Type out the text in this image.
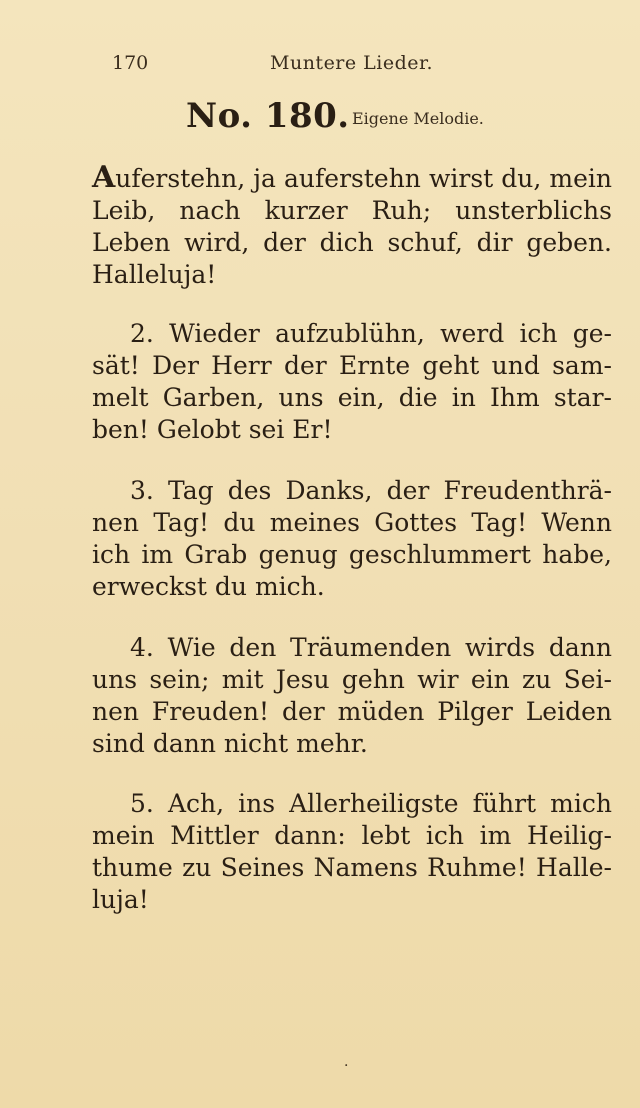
170	Muntere Lieder.
No. 180. Eigene Melodie.
Auferstehn, ja auferstehn wirst du, mein
Leib, nach kurzer Ruh; unsterblichs
Leben wird, der dich schuf, dir geben.
Halleluja!
2. Wieder aufzublühn, werd ich ge-
sät! Der Herr der Ernte geht und sam-
melt Garben, uns ein, die in Ihm star-
ben! Gelobt sei Er!
3. Tag des Danks, der Freudenthrä-
nen Tag! du meines Gottes Tag! Wenn
ich im Grab genug geschlummert habe,
erweckst du mich.
4. Wie den Träumenden wirds dann
uns sein; mit Jesu gehn wir ein zu Sei-
nen Freuden! der müden Pilger Leiden
sind dann nicht mehr.
5. Ach, ins Allerheiligste führt mich
mein Mittler dann: lebt ich im Heilig-
thume zu Seines Namens Ruhme! Halle-
luja!
·
